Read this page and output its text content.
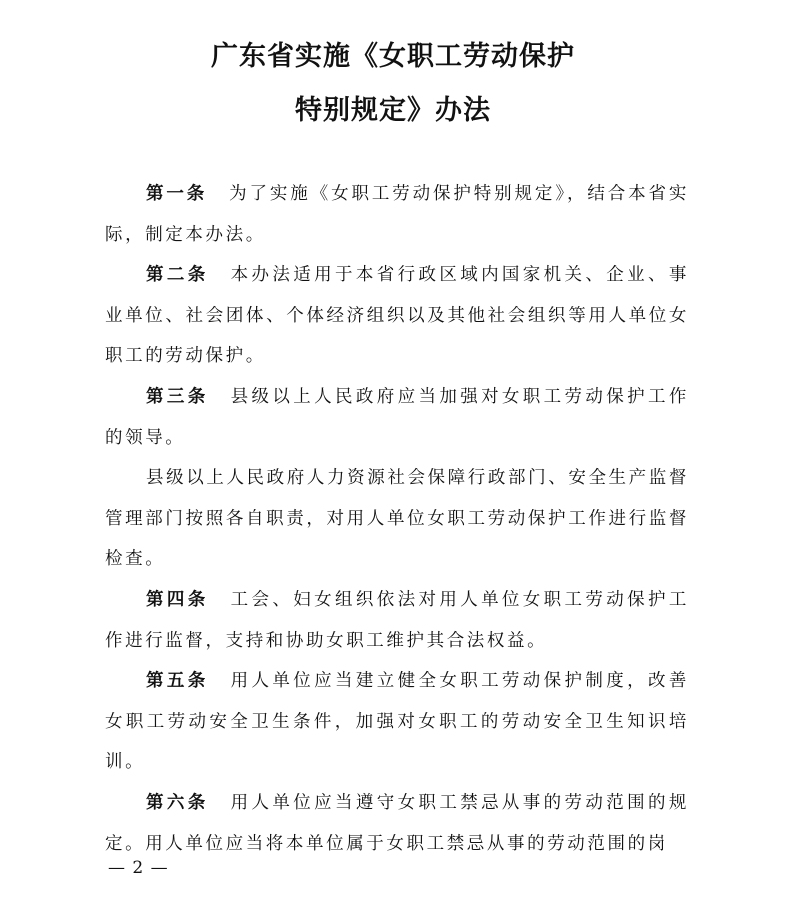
广东省实施《女职工劳动保护
特别规定》办法

第一条 为了实施《女职工劳动保护特别规定》，结合本省实际，制定本办法。

第二条 本办法适用于本省行政区域内国家机关、企业、事业单位、社会团体、个体经济组织以及其他社会组织等用人单位女职工的劳动保护。

第三条 县级以上人民政府应当加强对女职工劳动保护工作的领导。

县级以上人民政府人力资源社会保障行政部门、安全生产监督管理部门按照各自职责，对用人单位女职工劳动保护工作进行监督检查。

第四条 工会、妇女组织依法对用人单位女职工劳动保护工作进行监督，支持和协助女职工维护其合法权益。

第五条 用人单位应当建立健全女职工劳动保护制度，改善女职工劳动安全卫生条件，加强对女职工的劳动安全卫生知识培训。

第六条 用人单位应当遵守女职工禁忌从事的劳动范围的规定。用人单位应当将本单位属于女职工禁忌从事的劳动范围的岗

— 2 —
